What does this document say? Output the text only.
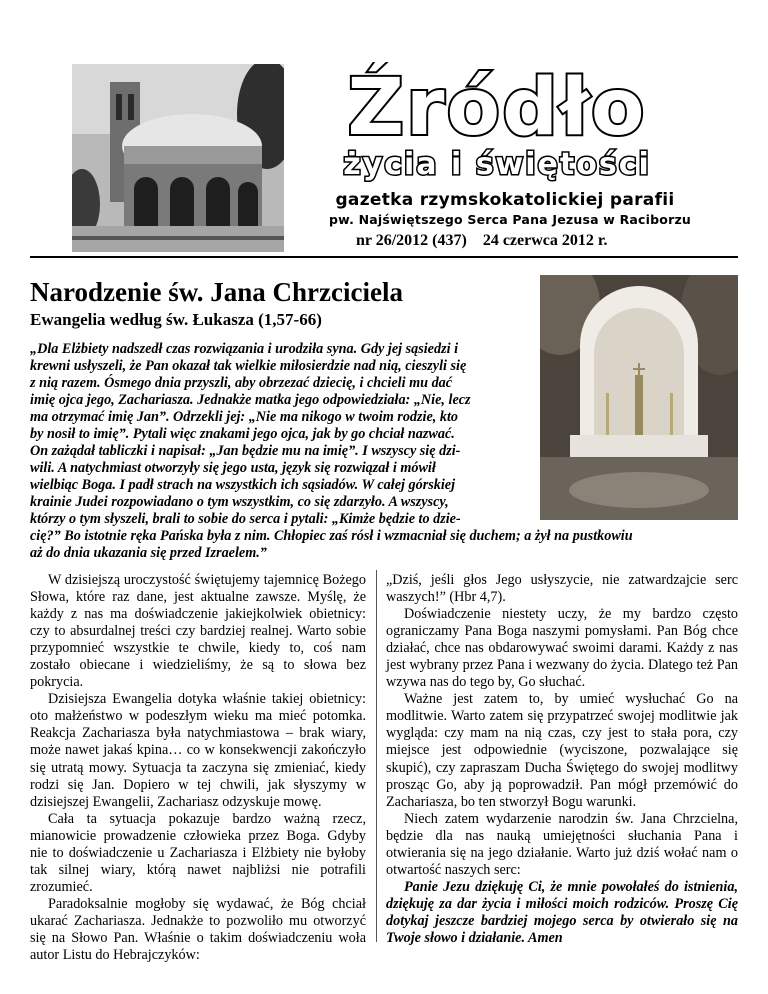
Źródło
życia i świętości
gazetka rzymskokatolickiej parafii
pw. Najświętszego Serca Pana Jezusa w Raciborzu
nr 26/2012 (437) 24 czerwca 2012 r.
Narodzenie św. Jana Chrzciciela
Ewangelia według św. Łukasza (1,57-66)
„Dla Elżbiety nadszedł czas rozwiązania i urodziła syna. Gdy jej sąsiedzi i
krewni usłyszeli, że Pan okazał tak wielkie miłosierdzie nad nią, cieszyli się
z nią razem. Ósmego dnia przyszli, aby obrzezać dziecię, i chcieli mu dać
imię ojca jego, Zachariasza. Jednakże matka jego odpowiedziała: „Nie, lecz
ma otrzymać imię Jan”. Odrzekli jej: „Nie ma nikogo w twoim rodzie, kto
by nosił to imię”. Pytali więc znakami jego ojca, jak by go chciał nazwać.
On zażądał tabliczki i napisał: „Jan będzie mu na imię”. I wszyscy się dzi-
wili. A natychmiast otworzyły się jego usta, język się rozwiązał i mówił
wielbiąc Boga. I padł strach na wszystkich ich sąsiadów. W całej górskiej
krainie Judei rozpowiadano o tym wszystkim, co się zdarzyło. A wszyscy,
którzy o tym słyszeli, brali to sobie do serca i pytali: „Kimże będzie to dzie-
cię?” Bo istotnie ręka Pańska była z nim. Chłopiec zaś rósł i wzmacniał się duchem; a żył na pustkowiu
aż do dnia ukazania się przed Izraelem.”

W dzisiejszą uroczystość świętujemy tajemnicę Bożego Słowa, które raz dane, jest aktualne zawsze. Myślę, że każdy z nas ma doświadczenie jakiejkolwiek obietnicy: czy to absurdalnej treści czy bardziej realnej. Warto sobie przypomnieć wszystkie te chwile, kiedy to, coś nam zostało obiecane i wiedzieliśmy, że są to słowa bez pokrycia.

Dzisiejsza Ewangelia dotyka właśnie takiej obietnicy: oto małżeństwo w podeszłym wieku ma mieć potomka. Reakcja Zachariasza była natychmiastowa – brak wiary, może nawet jakaś kpina… co w konsekwencji zakończyło się utratą mowy. Sytuacja ta zaczyna się zmieniać, kiedy rodzi się Jan. Dopiero w tej chwili, jak słyszymy w dzisiejszej Ewangelii, Zachariasz odzyskuje mowę.

Cała ta sytuacja pokazuje bardzo ważną rzecz, mianowicie prowadzenie człowieka przez Boga. Gdyby nie to doświadczenie u Zachariasza i Elżbiety nie byłoby tak silnej wiary, którą nawet najbliżsi nie potrafili zrozumieć.

Paradoksalnie mogłoby się wydawać, że Bóg chciał ukarać Zachariasza. Jednakże to pozwoliło mu otworzyć się na Słowo Pan. Właśnie o takim doświadczeniu woła autor Listu do Hebrajczyków:

„Dziś, jeśli głos Jego usłyszycie, nie zatwardzajcie serc waszych!” (Hbr 4,7).

Doświadczenie niestety uczy, że my bardzo często ograniczamy Pana Boga naszymi pomysłami. Pan Bóg chce działać, chce nas obdarowywać swoimi darami. Każdy z nas jest wybrany przez Pana i wezwany do życia. Dlatego też Pan wzywa nas do tego by, Go słuchać.

Ważne jest zatem to, by umieć wysłuchać Go na modlitwie. Warto zatem się przypatrzeć swojej modlitwie jak wygląda: czy mam na nią czas, czy jest to stała pora, czy miejsce jest odpowiednie (wyciszone, pozwalające się skupić), czy zapraszam Ducha Świętego do swojej modlitwy prosząc Go, aby ją poprowadził. Pan mógł przemówić do Zachariasza, bo ten stworzył Bogu warunki.

Niech zatem wydarzenie narodzin św. Jana Chrzcielna, będzie dla nas nauką umiejętności słuchania Pana i otwierania się na jego działanie. Warto już dziś wołać nam o otwartość naszych serc:

Panie Jezu dziękuję Ci, że mnie powołałeś do istnienia, dziękuję za dar życia i miłości moich rodziców. Proszę Cię dotykaj jeszcze bardziej mojego serca by otwierało się na Twoje słowo i działanie. Amen
